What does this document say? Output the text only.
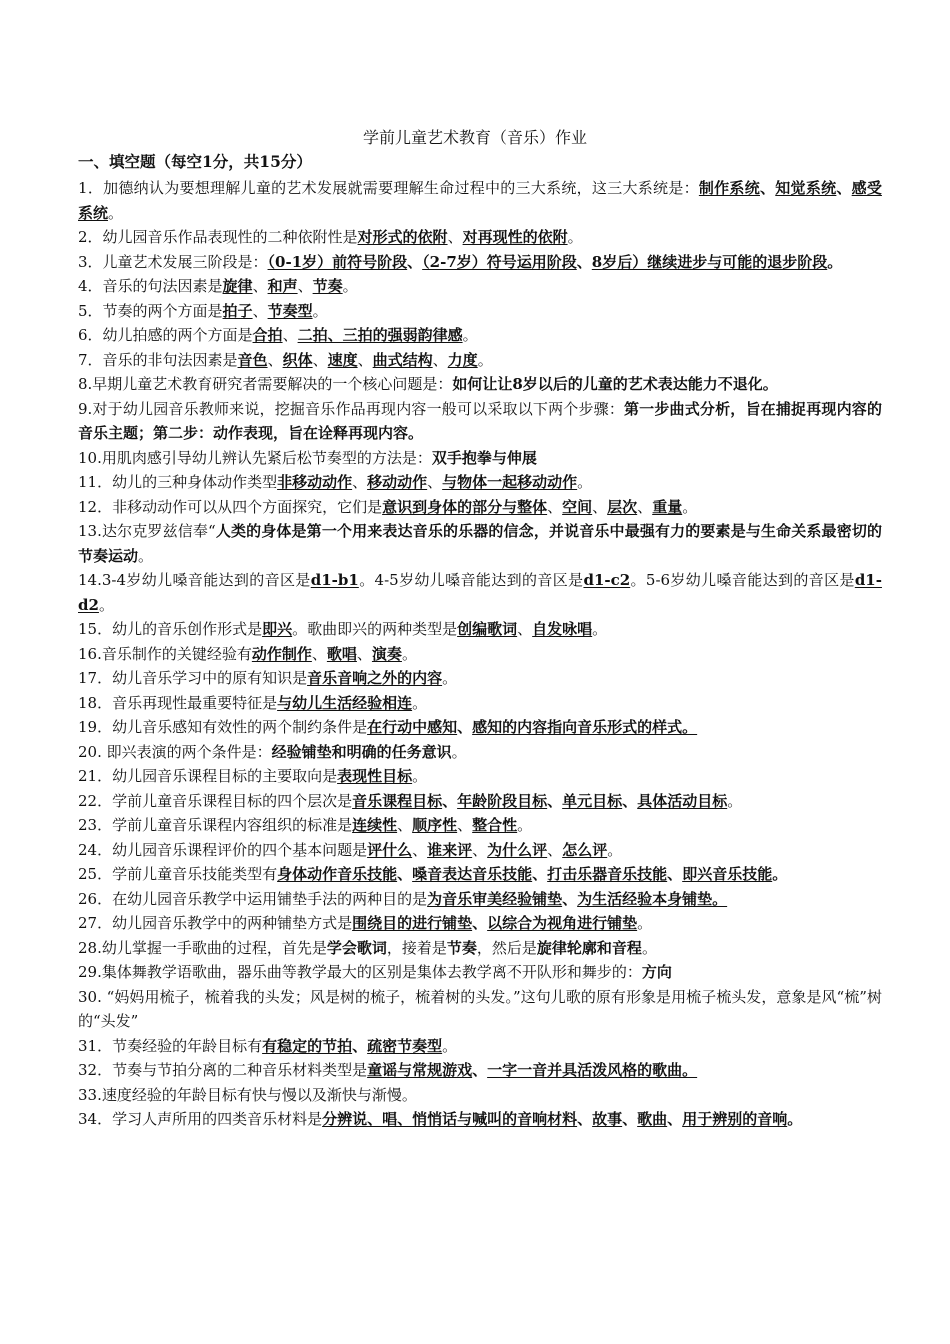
学前儿童艺术教育（音乐）作业
一、填空题（每空1分，共15分）

1．加德纳认为要想理解儿童的艺术发展就需要理解生命过程中的三大系统，这三大系统是：制作系统、知觉系统、感受系统。

2．幼儿园音乐作品表现性的二种依附性是对形式的依附、对再现性的依附。

3．儿童艺术发展三阶段是：（0-1岁）前符号阶段、（2-7岁）符号运用阶段、8岁后）继续进步与可能的退步阶段。

4．音乐的句法因素是旋律、和声、节奏。

5．节奏的两个方面是拍子、节奏型。

6．幼儿拍感的两个方面是合拍、二拍、三拍的强弱韵律感。

7．音乐的非句法因素是音色、织体、速度、曲式结构、力度。

8.早期儿童艺术教育研究者需要解决的一个核心问题是：如何让让8岁以后的儿童的艺术表达能力不退化。

9.对于幼儿园音乐教师来说，挖掘音乐作品再现内容一般可以采取以下两个步骤：第一步曲式分析，旨在捕捉再现内容的音乐主题；第二步：动作表现，旨在诠释再现内容。

10.用肌肉感引导幼儿辨认先紧后松节奏型的方法是：双手抱拳与伸展

11．幼儿的三种身体动作类型非移动动作、移动动作、与物体一起移动动作。

12．非移动动作可以从四个方面探究，它们是意识到身体的部分与整体、空间、层次、重量。

13.达尔克罗兹信奉“人类的身体是第一个用来表达音乐的乐器的信念，并说音乐中最强有力的要素是与生命关系最密切的节奏运动。

14.3-4岁幼儿嗓音能达到的音区是d1-b1。4-5岁幼儿嗓音能达到的音区是d1-c2。5-6岁幼儿嗓音能达到的音区是d1-d2。

15．幼儿的音乐创作形式是即兴。歌曲即兴的两种类型是创编歌词、自发咏唱。

16.音乐制作的关键经验有动作制作、歌唱、演奏。

17．幼儿音乐学习中的原有知识是音乐音响之外的内容。

18．音乐再现性最重要特征是与幼儿生活经验相连。

19．幼儿音乐感知有效性的两个制约条件是在行动中感知、感知的内容指向音乐形式的样式。

20. 即兴表演的两个条件是：经验铺垫和明确的任务意识。

21．幼儿园音乐课程目标的主要取向是表现性目标。

22．学前儿童音乐课程目标的四个层次是音乐课程目标、年龄阶段目标、单元目标、具体活动目标。

23．学前儿童音乐课程内容组织的标准是连续性、顺序性、整合性。

24．幼儿园音乐课程评价的四个基本问题是评什么、谁来评、为什么评、怎么评。

25．学前儿童音乐技能类型有身体动作音乐技能、嗓音表达音乐技能、打击乐器音乐技能、即兴音乐技能。

26．在幼儿园音乐教学中运用铺垫手法的两种目的是为音乐审美经验铺垫、为生活经验本身铺垫。

27．幼儿园音乐教学中的两种铺垫方式是围绕目的进行铺垫、以综合为视角进行铺垫。

28.幼儿掌握一手歌曲的过程，首先是学会歌词，接着是节奏，然后是旋律轮廓和音程。

29.集体舞教学语歌曲，器乐曲等教学最大的区别是集体去教学离不开队形和舞步的：方向

30. “妈妈用梳子，梳着我的头发；风是树的梳子，梳着树的头发。”这句儿歌的原有形象是用梳子梳头发，意象是风“梳”树的“头发”

31．节奏经验的年龄目标有有稳定的节拍、疏密节奏型。

32．节奏与节拍分离的二种音乐材料类型是童谣与常规游戏、一字一音并具活泼风格的歌曲。

33.速度经验的年龄目标有快与慢以及渐快与渐慢。

34．学习人声所用的四类音乐材料是分辨说、唱、悄悄话与喊叫的音响材料、故事、歌曲、用于辨别的音响。
